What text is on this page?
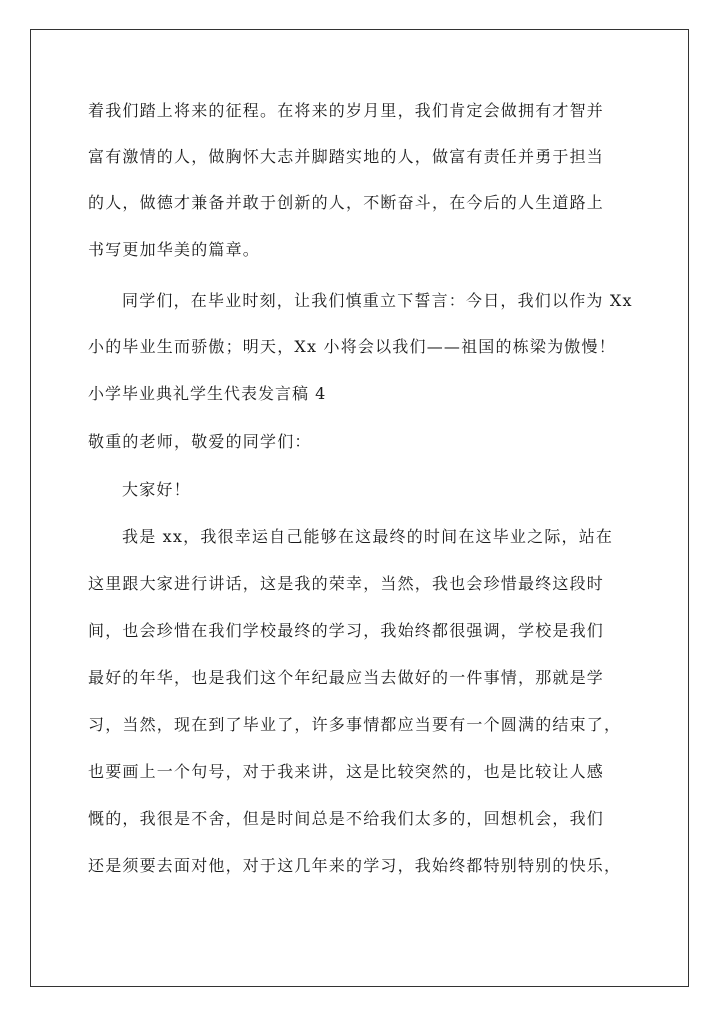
着我们踏上将来的征程。在将来的岁月里，我们肯定会做拥有才智并
富有激情的人，做胸怀大志并脚踏实地的人，做富有责任并勇于担当
的人，做德才兼备并敢于创新的人，不断奋斗，在今后的人生道路上
书写更加华美的篇章。
同学们，在毕业时刻，让我们慎重立下誓言：今日，我们以作为 Xx
小的毕业生而骄傲；明天，Xx 小将会以我们——祖国的栋梁为傲慢！
小学毕业典礼学生代表发言稿 4
敬重的老师，敬爱的同学们：
大家好！
我是 xx，我很幸运自己能够在这最终的时间在这毕业之际，站在
这里跟大家进行讲话，这是我的荣幸，当然，我也会珍惜最终这段时
间，也会珍惜在我们学校最终的学习，我始终都很强调，学校是我们
最好的年华，也是我们这个年纪最应当去做好的一件事情，那就是学
习，当然，现在到了毕业了，许多事情都应当要有一个圆满的结束了，
也要画上一个句号，对于我来讲，这是比较突然的，也是比较让人感
慨的，我很是不舍，但是时间总是不给我们太多的，回想机会，我们
还是须要去面对他，对于这几年来的学习，我始终都特别特别的快乐，
